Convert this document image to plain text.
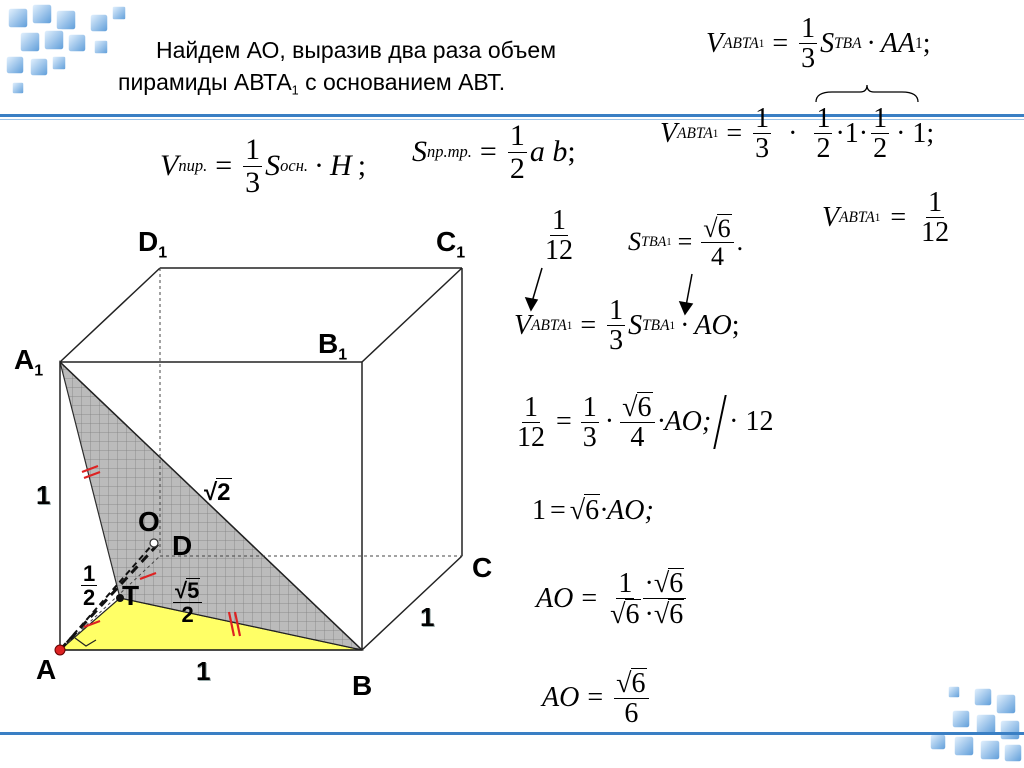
Найдем АО, выразив два раза объем
пирамиды $АВТА_1$ с основанием АВТ.
$D_1$	$C_1$
$B_1$
$A_1$
O
D
C
T
A
B
1
1
1
$\frac{1}{2}$
√2
$\frac{√5}{2}$
V пир. = $\frac{1}{3}$ S осн. · H ; S пр.тр. = $\frac{1}{2}$ a b ;
V ABTA $1 = \frac{1}{3}$ S TBA · AA 1 ;
V ABTA $1 = \frac{1}{3} \cdot \frac{1}{2} \cdot 1\cdot \frac{1}{2} \cdot 1$;
V ABTA $1 = \frac{1}{12}$
$\frac{1}{12}$ S TBA $1 = \frac{√6}{4}$ .
V ABTA $1 = \frac{1}{3}$ S TBA 1 · AO ;
$\frac{1}{12} = \frac{1}{3} \cdot \frac{√6}{4} \cdot AO$; · 12
1 = √6 ·AO;
AO = $\frac{1}{√6} \frac{\cdot√6}{\cdot√6}$
AO = $\frac{√6}{6}$
